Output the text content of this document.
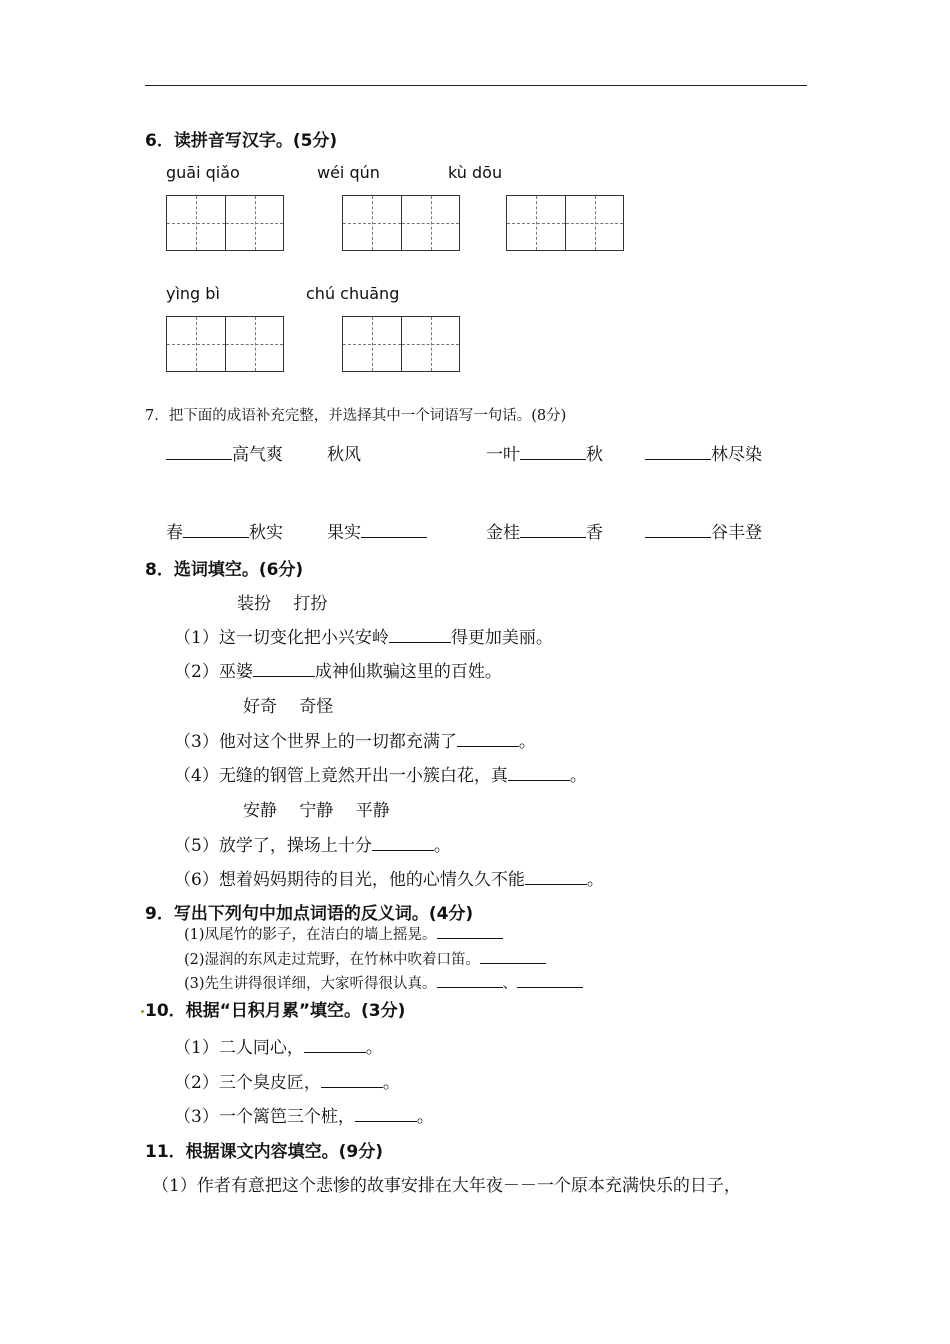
6．读拼音写汉字。(5分)
guāi qiǎo	wéi qún	kù dōu
yìng bì	chú chuāng
7．把下面的成语补充完整，并选择其中一个词语写一句话。(8分)
高气爽	秋风	一叶	秋	林尽染
春	秋实	果实	金桂	香	谷丰登
8．选词填空。(6分)
装扮　 打扮
（1）这一切变化把小兴安岭	得更加美丽。
（2）巫婆	成神仙欺骗这里的百姓。
好奇　 奇怪
（3）他对这个世界上的一切都充满了	。
（4）无缝的钢管上竟然开出一小簇白花，真	。
安静　 宁静　 平静
（5）放学了，操场上十分	。
（6）想着妈妈期待的目光，他的心情久久不能	。
9．写出下列句中加点词语的反义词。(4分)
(1)凤尾竹的影子，在洁白的墙上摇晃。
(2)湿润的东风走过荒野，在竹林中吹着口笛。
(3)先生讲得很详细，大家听得很认真。	、
10．根据“日积月累”填空。(3分)
（1）二人同心，	。
（2）三个臭皮匠，	。
（3）一个篱笆三个桩，	。
11．根据课文内容填空。(9分)
（1）作者有意把这个悲惨的故事安排在大年夜－－一个原本充满快乐的日子，
